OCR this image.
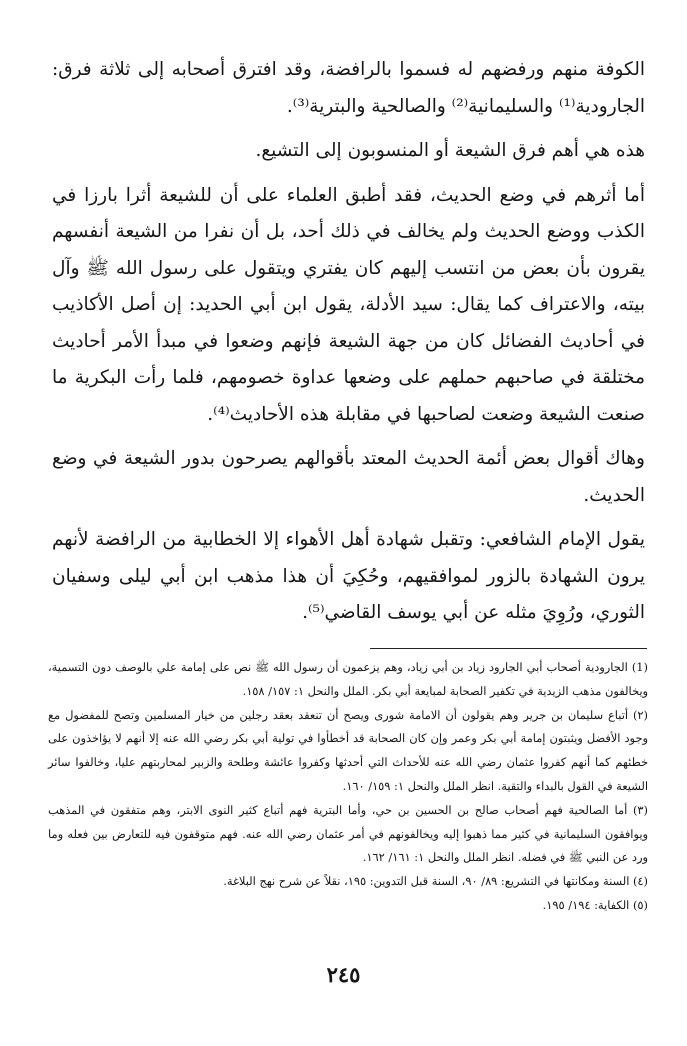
الكوفة منهم ورفضهم له فسموا بالرافضة، وقد افترق أصحابه إلى ثلاثة فرق: الجارودية⁽¹⁾ والسليمانية⁽²⁾ والصالحية والبترية⁽³⁾.

هذه هي أهم فرق الشيعة أو المنسوبون إلى التشيع.

أما أثرهم في وضع الحديث، فقد أطبق العلماء على أن للشيعة أثرا بارزا في الكذب ووضع الحديث ولم يخالف في ذلك أحد، بل أن نفرا من الشيعة أنفسهم يقرون بأن بعض من انتسب إليهم كان يفتري ويتقول على رسول الله ﷺ وآل بيته، والاعتراف كما يقال: سيد الأدلة، يقول ابن أبي الحديد: إن أصل الأكاذيب في أحاديث الفضائل كان من جهة الشيعة فإنهم وضعوا في مبدأ الأمر أحاديث مختلقة في صاحبهم حملهم على وضعها عداوة خصومهم، فلما رأت البكرية ما صنعت الشيعة وضعت لصاحبها في مقابلة هذه الأحاديث⁽⁴⁾.

وهاك أقوال بعض أئمة الحديث المعتد بأقوالهم يصرحون بدور الشيعة في وضع الحديث.

يقول الإمام الشافعي: وتقبل شهادة أهل الأهواء إلا الخطابية من الرافضة لأنهم يرون الشهادة بالزور لموافقيهم، وحُكِيَ أن هذا مذهب ابن أبي ليلى وسفيان الثوري، ورُوِيَ مثله عن أبي يوسف القاضي⁽⁵⁾.

(1) الجارودية أصحاب أبي الجارود زياد بن أبي زياد، وهم يزعمون أن رسول الله ﷺ نص على إمامة علي بالوصف دون التسمية، ويخالفون مذهب الزيدية في تكفير الصحابة لمبايعة أبي بكر. الملل والنحل ١: ١٥٧/ ١٥٨.

(٢) أتباع سليمان بن جرير وهم يقولون أن الامامة شورى ويصح أن تنعقد بعقد رجلين من خيار المسلمين وتصح للمفضول مع وجود الأفضل ويثبتون إمامة أبي بكر وعمر وإن كان الصحابة قد أخطأوا في تولية أبي بكر رضي الله عنه إلا أنهم لا يؤاخذون على خطئهم كما أنهم كفروا عثمان رضي الله عنه للأحداث التي أحدثها وكفروا عائشة وطلحة والزبير لمحاربتهم عليا، وخالفوا سائر الشيعة في القول بالبداء والتقية. انظر الملل والنحل ١: ١٥٩/ ١٦٠.

(٣) أما الصالحية فهم أصحاب صالح بن الحسين بن حي، وأما البترية فهم أتباع كثير النوى الابتر، وهم متفقون في المذهب ويوافقون السليمانية في كثير مما ذهبوا إليه ويخالفونهم في أمر عثمان رضي الله عنه. فهم متوقفون فيه للتعارض بين فعله وما ورد عن النبي ﷺ في فضله. انظر الملل والنحل ١: ١٦١/ ١٦٢.

(٤) السنة ومكانتها في التشريع: ٨٩/ ٩٠، السنة قبل التدوين: ١٩٥، نقلاً عن شرح نهج البلاغة.

(٥) الكفاية: ١٩٤/ ١٩٥.

٢٤٥
